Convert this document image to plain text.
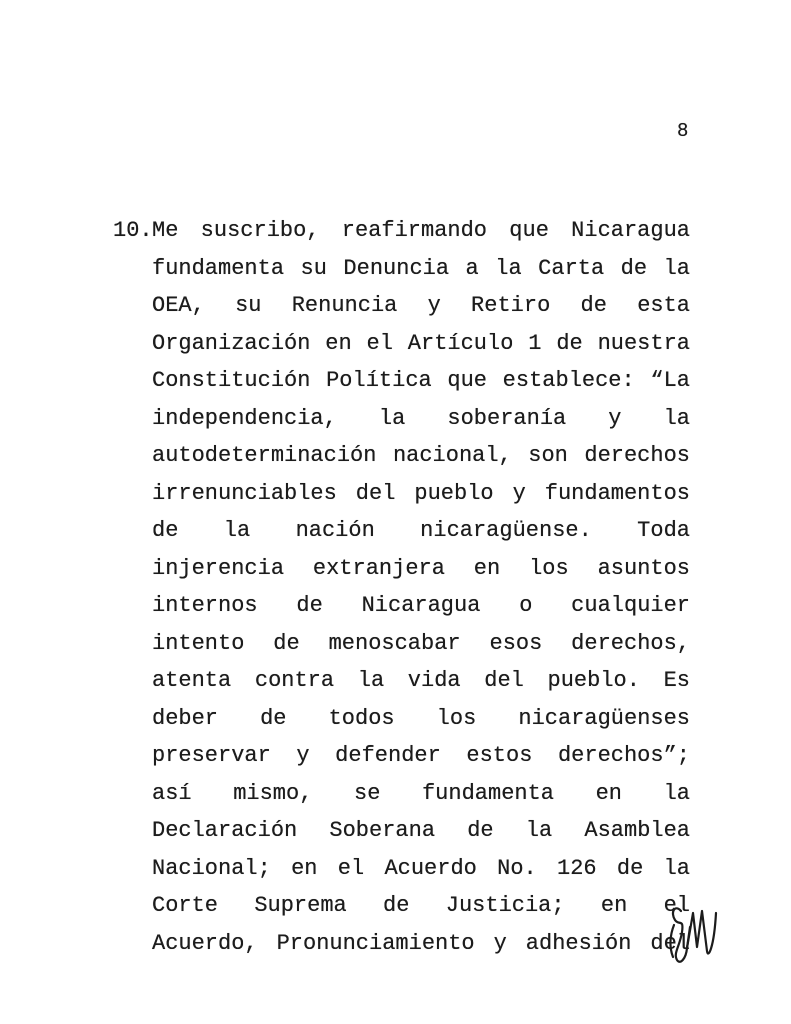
8
10. Me suscribo, reafirmando que Nicaragua
fundamenta su Denuncia a la Carta de la
OEA, su Renuncia y Retiro de esta
Organización en el Artículo 1 de nuestra
Constitución Política que establece: “La
independencia, la soberanía y la
autodeterminación nacional, son derechos
irrenunciables del pueblo y fundamentos
de la nación nicaragüense. Toda
injerencia extranjera en los asuntos
internos de Nicaragua o cualquier
intento de menoscabar esos derechos,
atenta contra la vida del pueblo. Es
deber de todos los nicaragüenses
preservar y defender estos derechos”;
así mismo, se fundamenta en la
Declaración Soberana de la Asamblea
Nacional; en el Acuerdo No. 126 de la
Corte Suprema de Justicia; en el
Acuerdo, Pronunciamiento y adhesión del
